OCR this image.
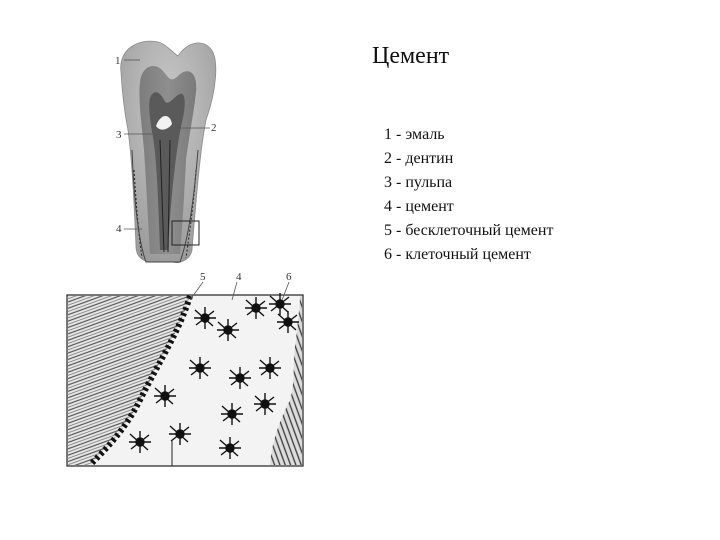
Цемент
1 - эмаль
2 - дентин
3 - пульпа
4 - цемент
5 - бесклеточный цемент
6 - клеточный цемент
1
2
3
4
5	4	6
